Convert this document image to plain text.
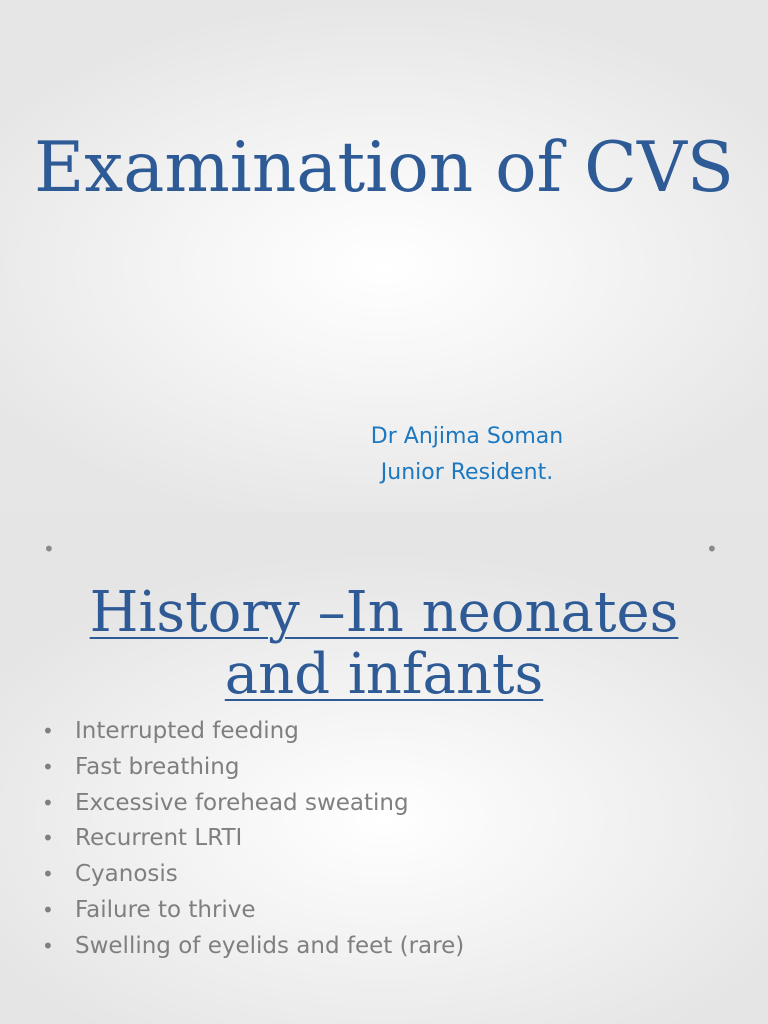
Examination of CVS
Dr Anjima Soman
Junior Resident.
•	•
History –In neonates
and infants
• Interrupted feeding
• Fast breathing
• Excessive forehead sweating
• Recurrent LRTI
• Cyanosis
• Failure to thrive
• Swelling of eyelids and feet (rare)
